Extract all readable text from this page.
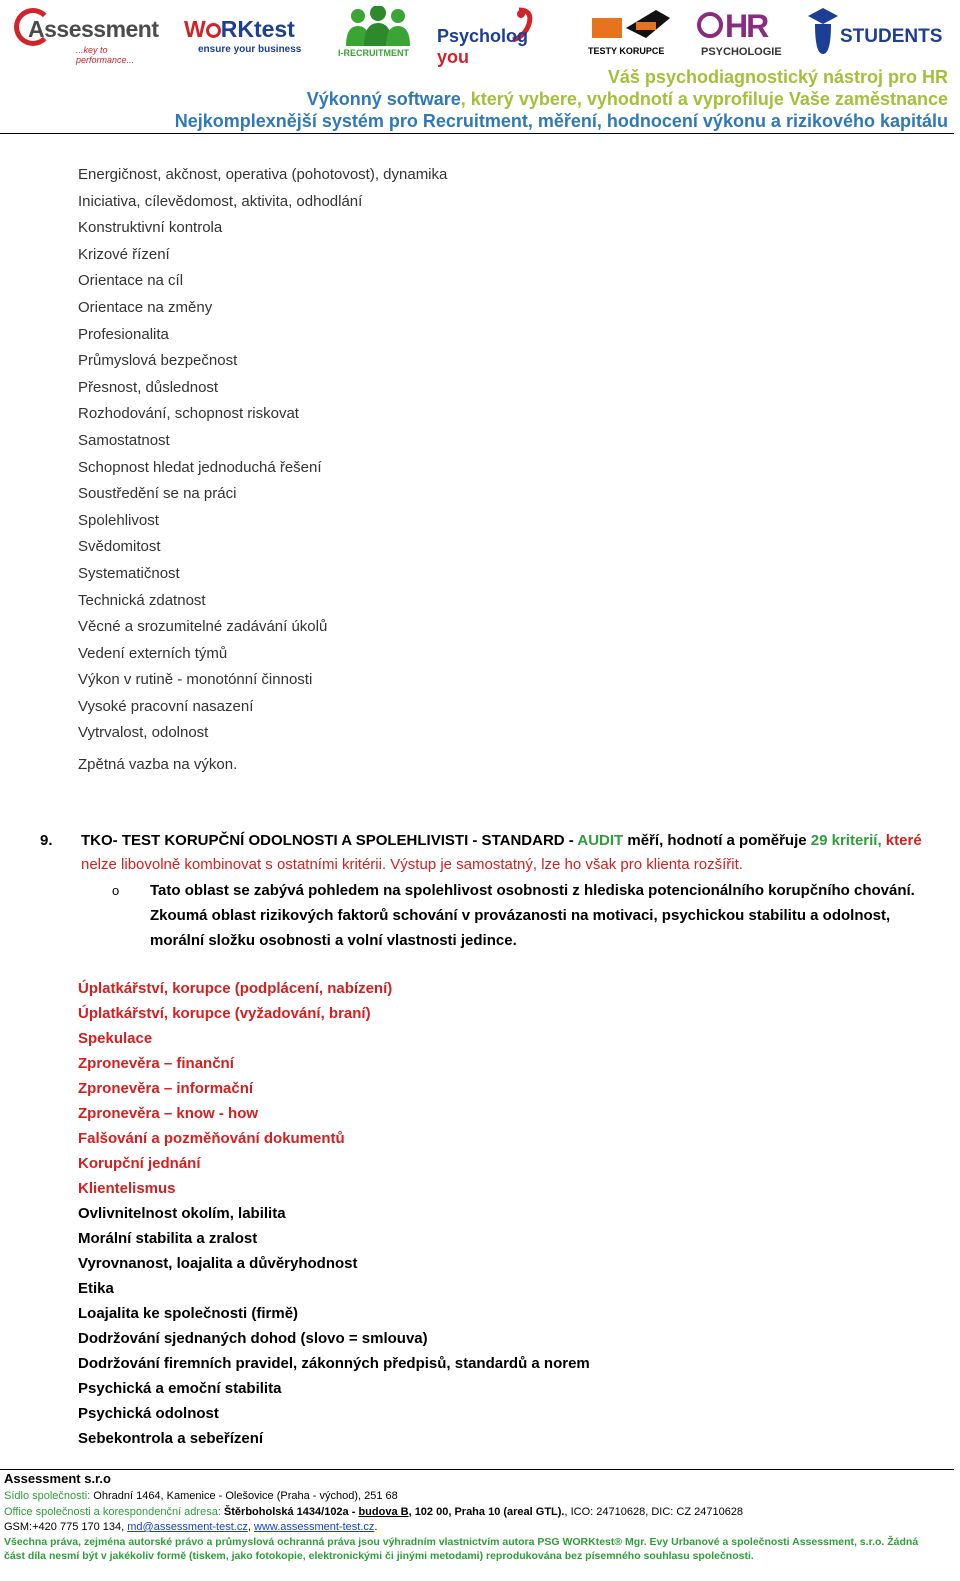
Assessment
...key to performance...
W RKtest
ensure your business	I-RECRUITMENT
Psychologyou	TESTY KORUPCE
HR
PSYCHOLOGIE
STUDENTS
Váš psychodiagnostický nástroj pro HR
Výkonný software, který vybere, vyhodnotí a vyprofiluje Vaše zaměstnance
Nejkomplexnější systém pro Recruitment, měření, hodnocení výkonu a rizikového kapitálu
Energičnost, akčnost, operativa (pohotovost), dynamika
Iniciativa, cílevědomost, aktivita, odhodlání
Konstruktivní kontrola
Krizové řízení
Orientace na cíl
Orientace na změny
Profesionalita
Průmyslová bezpečnost
Přesnost, důslednost
Rozhodování, schopnost riskovat
Samostatnost
Schopnost hledat jednoduchá řešení
Soustředění se na práci
Spolehlivost
Svědomitost
Systematičnost
Technická zdatnost
Věcné a srozumitelné zadávání úkolů
Vedení externích týmů
Výkon v rutině - monotónní činnosti
Vysoké pracovní nasazení
Vytrvalost, odolnost
Zpětná vazba na výkon.
9. TKO- TEST KORUPČNÍ ODOLNOSTI A SPOLEHLIVISTI - STANDARD - AUDIT měří, hodnotí a poměřuje 29 kriterií, které nelze libovolně kombinovat s ostatními kritérii. Výstup je samostatný, lze ho však pro klienta rozšířit.
o Tato oblast se zabývá pohledem na spolehlivost osobnosti z hlediska potencionálního korupčního chování. Zkoumá oblast rizikových faktorů schování v provázanosti na motivaci, psychickou stabilitu a odolnost, morální složku osobnosti a volní vlastnosti jedince.
Úplatkářství, korupce (podplácení, nabízení)
Úplatkářství, korupce (vyžadování, braní)
Spekulace
Zpronevěra – finanční
Zpronevěra – informační
Zpronevěra – know - how
Falšování a pozměňování dokumentů
Korupční jednání
Klientelismus
Ovlivnitelnost okolím, labilita
Morální stabilita a zralost
Vyrovnanost, loajalita a důvěryhodnost
Etika
Loajalita ke společnosti (firmě)
Dodržování sjednaných dohod (slovo = smlouva)
Dodržování firemních pravidel, zákonných předpisů, standardů a norem
Psychická a emoční stabilita
Psychická odolnost
Sebekontrola a sebeřízení
Assessment s.r.o
Sídlo společnosti: Ohradní 1464, Kamenice - Olešovice (Praha - východ), 251 68
Office společnosti a korespondenční adresa: Štěrboholská 1434/102a - budova B, 102 00, Praha 10 (areal GTL)., ICO: 24710628, DIC: CZ 24710628
GSM:+420 775 170 134, md@assessment-test.cz, www.assessment-test.cz.
Všechna práva, zejména autorské právo a průmyslová ochranná práva jsou výhradním vlastnictvím autora PSG WORKtest® Mgr. Evy Urbanové a společnosti Assessment, s.r.o. Žádná
část díla nesmí být v jakékoliv formě (tiskem, jako fotokopie, elektronickými či jinými metodami) reprodukována bez písemného souhlasu společnosti.
